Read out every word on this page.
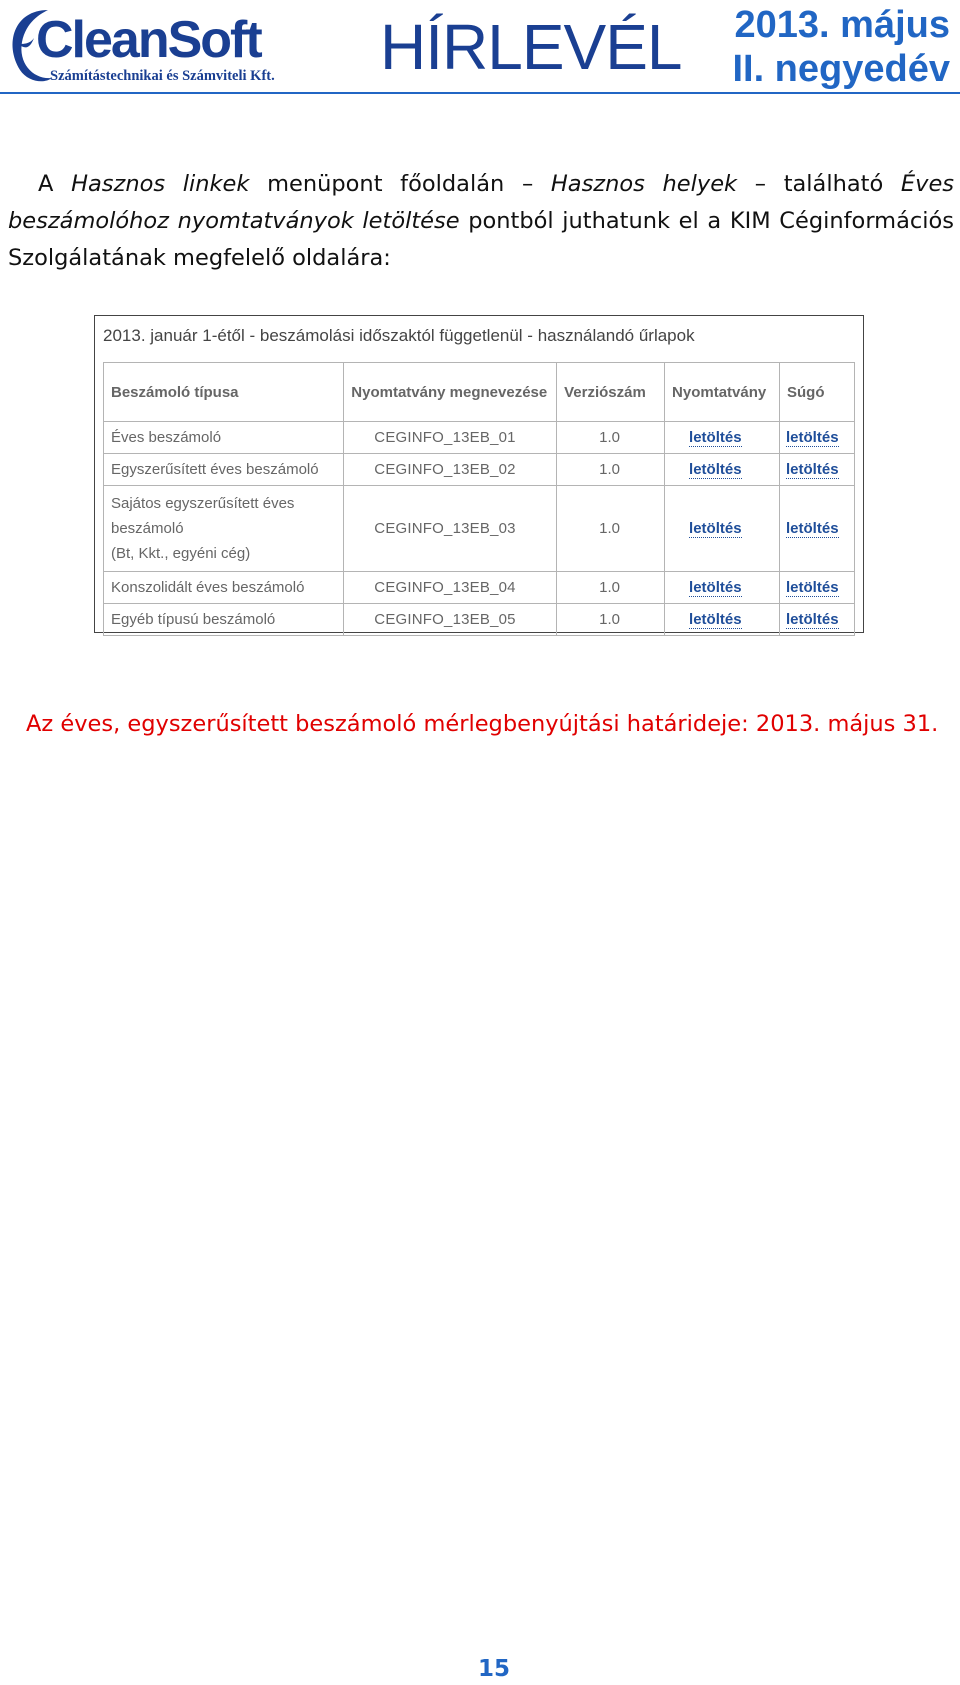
CleanSoft
Számítástechnikai és Számviteli Kft. HÍRLEVÉL 2013. május
II. negyedév

A Hasznos linkek menüpont főoldalán – Hasznos helyek – található Éves beszámolóhoz nyomtatványok letöltése pontból juthatunk el a KIM Céginformációs Szolgálatának megfelelő oldalára:

2013. január 1-étől - beszámolási időszaktól függetlenül - használandó űrlapok
Beszámoló típusa	Nyomtatvány megnevezése	Verziószám	Nyomtatvány	Súgó
Éves beszámoló	CEGINFO_13EB_01	1.0	letöltés	letöltés
Egyszerűsített éves beszámoló	CEGINFO_13EB_02	1.0	letöltés	letöltés
Sajátos egyszerűsített éves
beszámoló
(Bt, Kkt., egyéni cég)	CEGINFO_13EB_03	1.0	letöltés	letöltés
Konszolidált éves beszámoló	CEGINFO_13EB_04	1.0	letöltés	letöltés
Egyéb típusú beszámoló	CEGINFO_13EB_05	1.0	letöltés	letöltés

Az éves, egyszerűsített beszámoló mérlegbenyújtási határideje: 2013. május 31.

15
